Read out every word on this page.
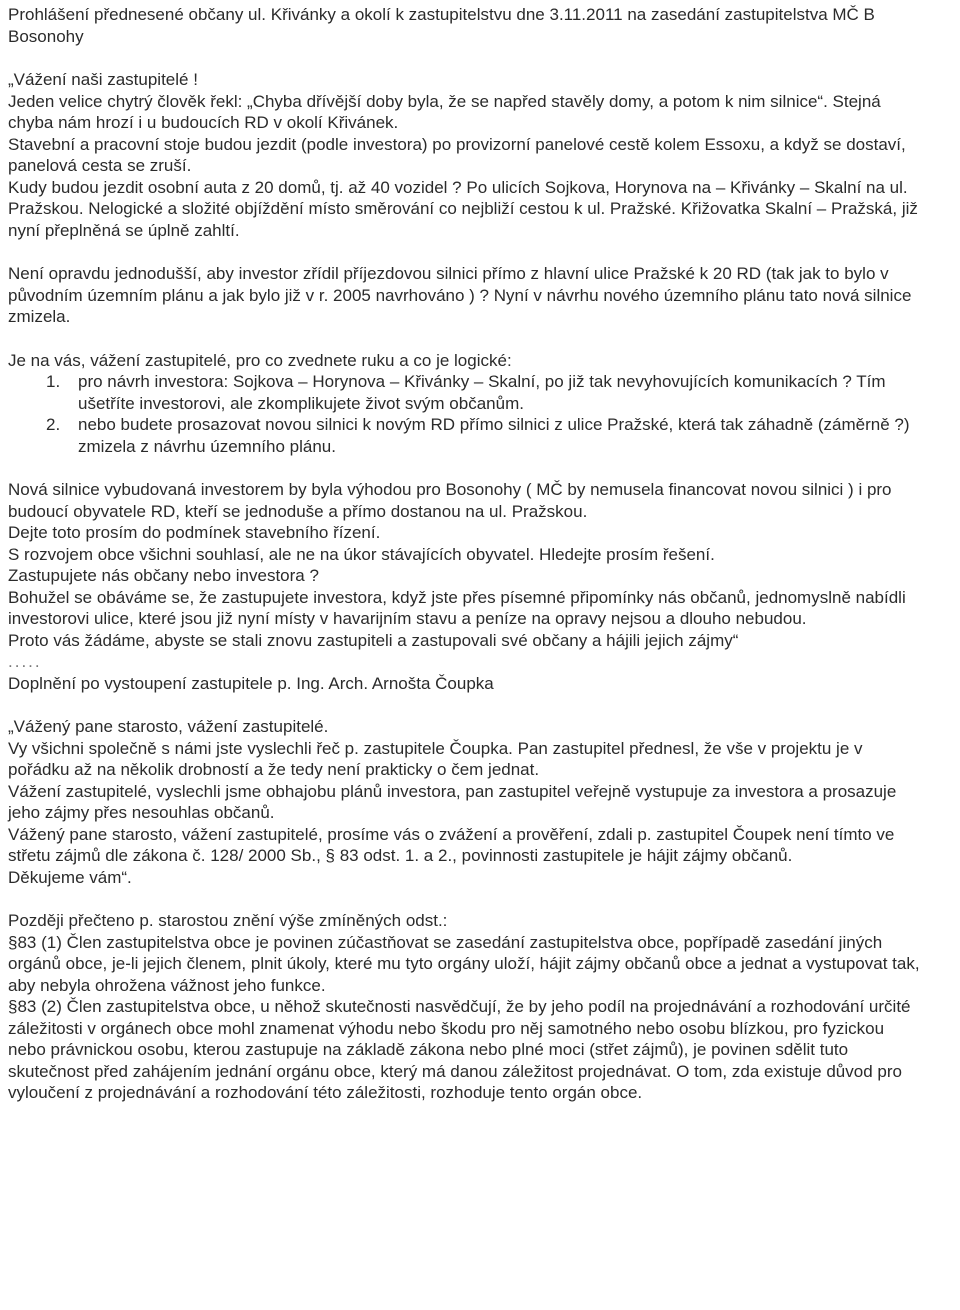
Prohlášení přednesené občany ul. Křivánky a okolí k zastupitelstvu dne 3.11.2011 na zasedání zastupitelstva MČ B Bosonohy

„Vážení naši zastupitelé !

Jeden velice chytrý člověk řekl: „Chyba dřívější doby byla, že se napřed stavěly domy, a potom k nim silnice“. Stejná chyba nám hrozí i u budoucích RD v okolí Křivánek.

Stavební a pracovní stoje budou jezdit (podle investora) po provizorní panelové cestě kolem Essoxu, a když se dostaví, panelová cesta se zruší.

Kudy budou jezdit osobní auta z 20 domů, tj. až 40 vozidel ? Po ulicích Sojkova, Horynova na – Křivánky – Skalní na ul. Pražskou. Nelogické a složité objíždění místo směrování co nejbliží cestou k ul. Pražské. Křižovatka Skalní – Pražská, již nyní přeplněná se úplně zahltí.

Není opravdu jednodušší, aby investor zřídil příjezdovou silnici přímo z hlavní ulice Pražské k 20 RD (tak jak to bylo v původním územním plánu a jak bylo již v r. 2005 navrhováno ) ? Nyní v návrhu nového územního plánu tato nová silnice zmizela.

Je na vás, vážení zastupitelé, pro co zvednete ruku a co je logické:

1. pro návrh investora: Sojkova – Horynova – Křivánky – Skalní, po již tak nevyhovujících komunikacích ? Tím ušetříte investorovi, ale zkomplikujete život svým občanům.
2. nebo budete prosazovat novou silnici k novým RD přímo silnici z ulice Pražské, která tak záhadně (záměrně ?) zmizela z návrhu územního plánu.

Nová silnice vybudovaná investorem by byla výhodou pro Bosonohy ( MČ by nemusela financovat novou silnici ) i pro budoucí obyvatele RD, kteří se jednoduše a přímo dostanou na ul. Pražskou.

Dejte toto prosím do podmínek stavebního řízení.

S rozvojem obce všichni souhlasí, ale ne na úkor stávajících obyvatel. Hledejte prosím řešení.

Zastupujete nás občany nebo investora ?

Bohužel se obáváme se, že zastupujete investora, když jste přes písemné připomínky nás občanů, jednomyslně nabídli investorovi ulice, které jsou již nyní místy v havarijním stavu a peníze na opravy nejsou a dlouho nebudou.

Proto vás žádáme, abyste se stali znovu zastupiteli a zastupovali své občany a hájili jejich zájmy“

.....

Doplnění po vystoupení zastupitele p. Ing. Arch. Arnošta Čoupka

„Vážený pane starosto, vážení zastupitelé.

Vy všichni společně s námi jste vyslechli řeč p. zastupitele Čoupka. Pan zastupitel přednesl, že vše v projektu je v pořádku až na několik drobností a že tedy není prakticky o čem jednat.

Vážení zastupitelé, vyslechli jsme obhajobu plánů investora, pan zastupitel veřejně vystupuje za investora a prosazuje jeho zájmy přes nesouhlas občanů.

Vážený pane starosto, vážení zastupitelé, prosíme vás o zvážení a prověření, zdali p. zastupitel Čoupek není tímto ve střetu zájmů dle zákona č. 128/ 2000 Sb., § 83 odst. 1. a 2., povinnosti zastupitele je hájit zájmy občanů.

Děkujeme vám“.

Později přečteno p. starostou znění výše zmíněných odst.:

§83 (1) Člen zastupitelstva obce je povinen zúčastňovat se zasedání zastupitelstva obce, popřípadě zasedání jiných orgánů obce, je-li jejich členem, plnit úkoly, které mu tyto orgány uloží, hájit zájmy občanů obce a jednat a vystupovat tak, aby nebyla ohrožena vážnost jeho funkce.

§83 (2) Člen zastupitelstva obce, u něhož skutečnosti nasvědčují, že by jeho podíl na projednávání a rozhodování určité záležitosti v orgánech obce mohl znamenat výhodu nebo škodu pro něj samotného nebo osobu blízkou, pro fyzickou nebo právnickou osobu, kterou zastupuje na základě zákona nebo plné moci (střet zájmů), je povinen sdělit tuto skutečnost před zahájením jednání orgánu obce, který má danou záležitost projednávat. O tom, zda existuje důvod pro vyloučení z projednávání a rozhodování této záležitosti, rozhoduje tento orgán obce.
